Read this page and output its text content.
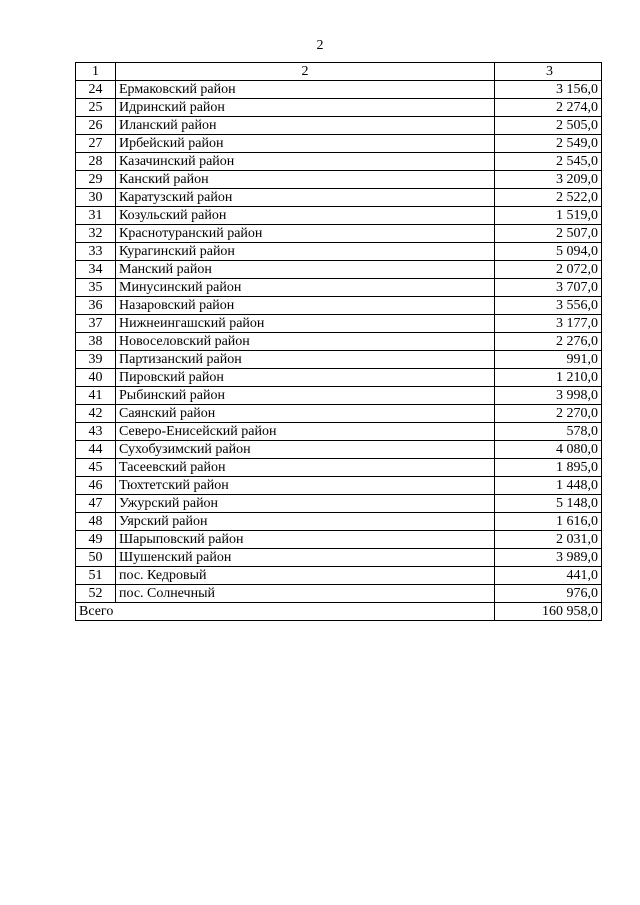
2
1	2	3
24	Ермаковский район	3 156,0
25	Идринский район	2 274,0
26	Иланский район	2 505,0
27	Ирбейский район	2 549,0
28	Казачинский район	2 545,0
29	Канский район	3 209,0
30	Каратузский район	2 522,0
31	Козульский район	1 519,0
32	Краснотуранский район	2 507,0
33	Курагинский район	5 094,0
34	Манский район	2 072,0
35	Минусинский район	3 707,0
36	Назаровский район	3 556,0
37	Нижнеингашский район	3 177,0
38	Новоселовский район	2 276,0
39	Партизанский район	991,0
40	Пировский район	1 210,0
41	Рыбинский район	3 998,0
42	Саянский район	2 270,0
43	Северо-Енисейский район	578,0
44	Сухобузимский район	4 080,0
45	Тасеевский район	1 895,0
46	Тюхтетский район	1 448,0
47	Ужурский район	5 148,0
48	Уярский район	1 616,0
49	Шарыповский район	2 031,0
50	Шушенский район	3 989,0
51	пос. Кедровый	441,0
52	пос. Солнечный	976,0
Всего		160 958,0
